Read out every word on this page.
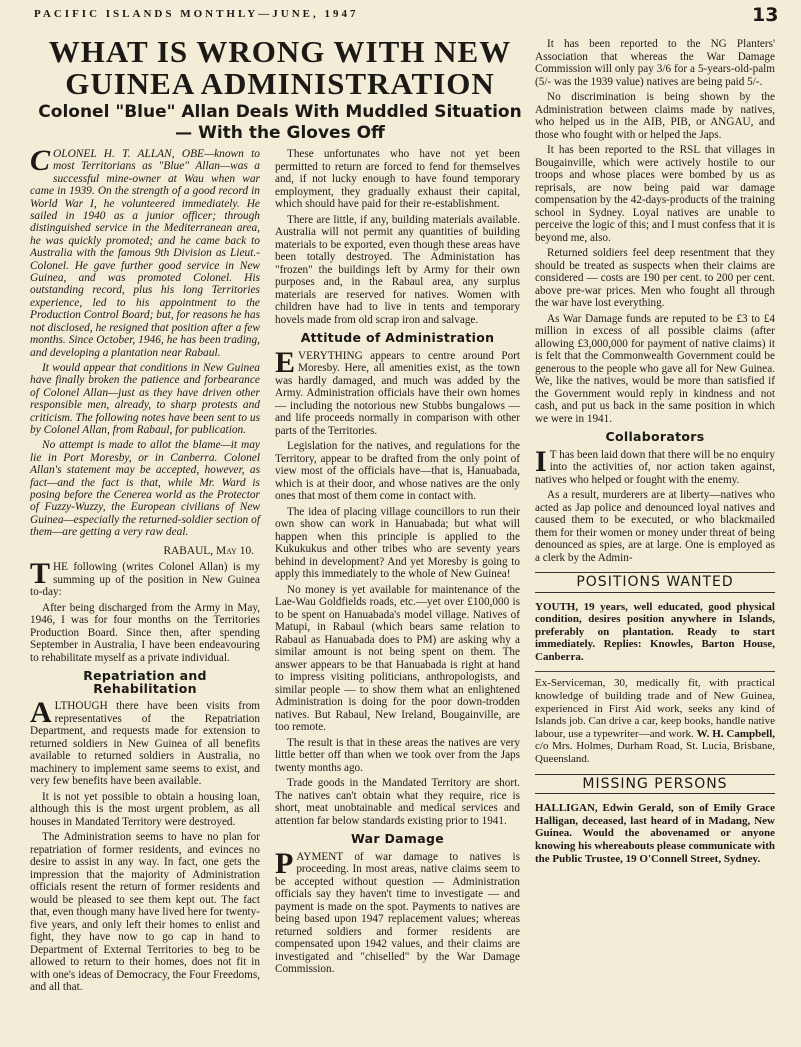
PACIFIC ISLANDS MONTHLY—JUNE, 1947	13
WHAT IS WRONG WITH NEW GUINEA ADMINISTRATION
Colonel "Blue" Allan Deals With Muddled Situation — With the Gloves Off

COLONEL H. T. ALLAN, OBE—known to most Territorians as "Blue" Allan—was a successful mine-owner at Wau when war came in 1939. On the strength of a good record in World War I, he volunteered immediately. He sailed in 1940 as a junior officer; through distinguished service in the Mediterranean area, he was quickly promoted; and he came back to Australia with the famous 9th Division as Lieut.-Colonel. He gave further good service in New Guinea, and was promoted Colonel. His outstanding record, plus his long Territories experience, led to his appointment to the Production Control Board; but, for reasons he has not disclosed, he resigned that position after a few months. Since October, 1946, he has been trading, and developing a plantation near Rabaul.

It would appear that conditions in New Guinea have finally broken the patience and forbearance of Colonel Allan—just as they have driven other responsible men, already, to sharp protests and criticism. The following notes have been sent to us by Colonel Allan, from Rabaul, for publication.

No attempt is made to allot the blame—it may lie in Port Moresby, or in Canberra. Colonel Allan's statement may be accepted, however, as fact—and the fact is that, while Mr. Ward is posing before the Cenerea world as the Protector of Fuzzy-Wuzzy, the European civilians of New Guinea—especially the returned-soldier section of them—are getting a very raw deal.

RABAUL, May 10.

THE following (writes Colonel Allan) is my summing up of the position in New Guinea to-day:

After being discharged from the Army in May, 1946, I was for four months on the Territories Production Board. Since then, after spending September in Australia, I have been endeavouring to rehabilitate myself as a private individual.

Repatriation and Rehabilitation

ALTHOUGH there have been visits from representatives of the Repatriation Department, and requests made for extension to returned soldiers in New Guinea of all benefits available to returned soldiers in Australia, no machinery to implement same seems to exist, and very few benefits have been available.

It is not yet possible to obtain a housing loan, although this is the most urgent problem, as all houses in Mandated Territory were destroyed.

The Administration seems to have no plan for repatriation of former residents, and evinces no desire to assist in any way. In fact, one gets the impression that the majority of Administration officials resent the return of former residents and would be pleased to see them kept out. The fact that, even though many have lived here for twenty-five years, and only left their homes to enlist and fight, they have now to go cap in hand to Department of External Territories to beg to be allowed to return to their homes, does not fit in with one's ideas of Democracy, the Four Freedoms, and all that.

These unfortunates who have not yet been permitted to return are forced to fend for themselves and, if not lucky enough to have found temporary employment, they gradually exhaust their capital, which should have paid for their re-establishment.

There are little, if any, building materials available. Australia will not permit any quantities of building materials to be exported, even though these areas have been totally destroyed. The Administation has "frozen" the buildings left by Army for their own purposes and, in the Rabaul area, any surplus materials are reserved for natives. Women with children have had to live in tents and temporary hovels made from old scrap iron and salvage.

Attitude of Administration

EVERYTHING appears to centre around Port Moresby. Here, all amenities exist, as the town was hardly damaged, and much was added by the Army. Administration officials have their own homes — including the notorious new Stubbs bungalows — and life proceeds normally in comparison with other parts of the Territories.

Legislation for the natives, and regulations for the Territory, appear to be drafted from the only point of view most of the officials have—that is, Hanuabada, which is at their door, and whose natives are the only ones that most of them come in contact with.

The idea of placing village councillors to run their own show can work in Hanuabada; but what will happen when this principle is applied to the Kukukukus and other tribes who are seventy years behind in development? And yet Moresby is going to apply this immediately to the whole of New Guinea!

No money is yet available for maintenance of the Lae-Wau Goldfields roads, etc.—yet over £100,000 is to be spent on Hanuabada's model village. Natives of Matupi, in Rabaul (which bears same relation to Rabaul as Hanuabada does to PM) are asking why a similar amount is not being spent on them. The answer appears to be that Hanuabada is right at hand to impress visiting politicians, anthropologists, and similar people — to show them what an enlightened Administration is doing for the poor down-trodden natives. But Rabaul, New Ireland, Bougainville, are too remote.

The result is that in these areas the natives are very little better off than when we took over from the Japs twenty months ago.

Trade goods in the Mandated Territory are short. The natives can't obtain what they require, rice is short, meat unobtainable and medical services and attention far below standards existing prior to 1941.

War Damage

PAYMENT of war damage to natives is proceeding. In most areas, native claims seem to be accepted without question — Administration officials say they haven't time to investigate — and payment is made on the spot. Payments to natives are being based upon 1947 replacement values; whereas returned soldiers and former residents are compensated upon 1942 values, and their claims are investigated and "chiselled" by the War Damage Commission.

It has been reported to the NG Planters' Association that whereas the War Damage Commission will only pay 3/6 for a 5-years-old-palm (5/- was the 1939 value) natives are being paid 5/-.

No discrimination is being shown by the Administration between claims made by natives, who helped us in the AIB, PIB, or ANGAU, and those who fought with or helped the Japs.

It has been reported to the RSL that villages in Bougainville, which were actively hostile to our troops and whose places were bombed by us as reprisals, are now being paid war damage compensation by the 42-days-products of the training school in Sydney. Loyal natives are unable to perceive the logic of this; and I must confess that it is beyond me, also.

Returned soldiers feel deep resentment that they should be treated as suspects when their claims are considered — costs are 190 per cent. to 200 per cent. above pre-war prices. Men who fought all through the war have lost everything.

As War Damage funds are reputed to be £3 to £4 million in excess of all possible claims (after allowing £3,000,000 for payment of native claims) it is felt that the Commonwealth Government could be generous to the people who gave all for New Guinea. We, like the natives, would be more than satisfied if the Government would reply in kindness and not cash, and put us back in the same position in which we were in 1941.

Collaborators

I T has been laid down that there will be no enquiry into the activities of, nor action taken against, natives who helped or fought with the enemy.

As a result, murderers are at liberty—natives who acted as Jap police and denounced loyal natives and caused them to be executed, or who blackmailed them for their women or money under threat of being denounced as spies, are at large. One is employed as a clerk by the Admin-

POSITIONS WANTED

YOUTH, 19 years, well educated, good physical condition, desires position anywhere in Islands, preferably on plantation. Ready to start immediately. Replies: Knowles, Barton House, Canberra.

Ex-Serviceman, 30, medically fit, with practical knowledge of building trade and of New Guinea, experienced in First Aid work, seeks any kind of Islands job. Can drive a car, keep books, handle native labour, use a typewriter—and work. W. H. Campbell, c/o Mrs. Holmes, Durham Road, St. Lucia, Brisbane, Queensland.

MISSING PERSONS

HALLIGAN, Edwin Gerald, son of Emily Grace Halligan, deceased, last heard of in Madang, New Guinea. Would the abovenamed or anyone knowing his whereabouts please communicate with the Public Trustee, 19 O'Connell Street, Sydney.
